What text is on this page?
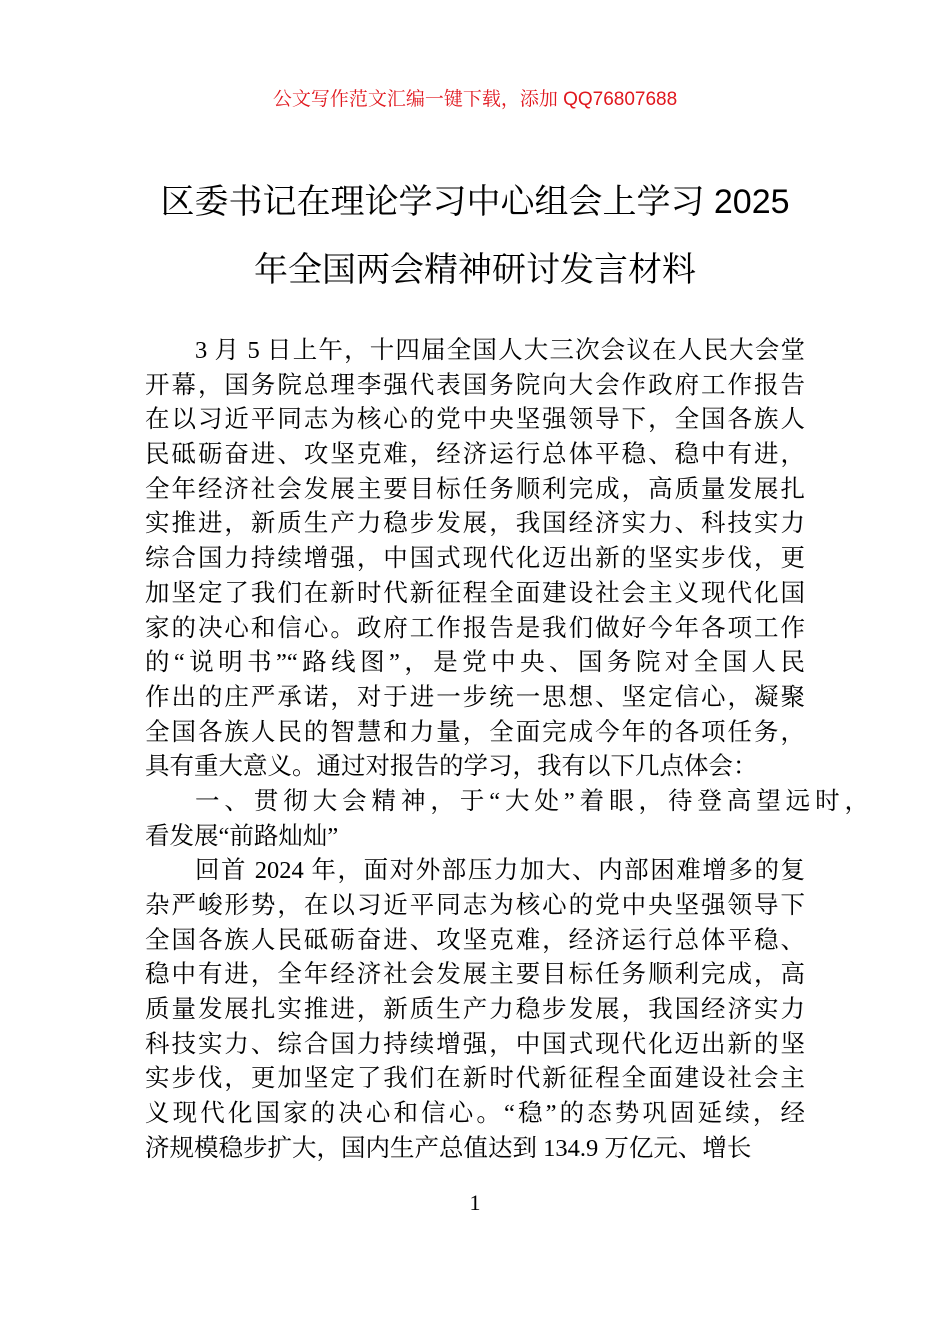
公文写作范文汇编一键下载，添加 QQ76807688
区委书记在理论学习中心组会上学习 2025
年全国两会精神研讨发言材料
3 月 5 日上午，十四届全国人大三次会议在人民大会堂
开幕，国务院总理李强代表国务院向大会作政府工作报告
在以习近平同志为核心的党中央坚强领导下，全国各族人
民砥砺奋进、攻坚克难，经济运行总体平稳、稳中有进，
全年经济社会发展主要目标任务顺利完成，高质量发展扎
实推进，新质生产力稳步发展，我国经济实力、科技实力
综合国力持续增强，中国式现代化迈出新的坚实步伐，更
加坚定了我们在新时代新征程全面建设社会主义现代化国
家的决心和信心。政府工作报告是我们做好今年各项工作
的“说明书”“路线图”，是党中央、国务院对全国人民
作出的庄严承诺，对于进一步统一思想、坚定信心，凝聚
全国各族人民的智慧和力量，全面完成今年的各项任务，
具有重大意义。通过对报告的学习，我有以下几点体会：
一、贯彻大会精神，于“大处”着眼，待登高望远时，
看发展“前路灿灿”
回首 2024 年，面对外部压力加大、内部困难增多的复
杂严峻形势，在以习近平同志为核心的党中央坚强领导下
全国各族人民砥砺奋进、攻坚克难，经济运行总体平稳、
稳中有进，全年经济社会发展主要目标任务顺利完成，高
质量发展扎实推进，新质生产力稳步发展，我国经济实力
科技实力、综合国力持续增强，中国式现代化迈出新的坚
实步伐，更加坚定了我们在新时代新征程全面建设社会主
义现代化国家的决心和信心。“稳”的态势巩固延续，经
济规模稳步扩大，国内生产总值达到 134.9 万亿元、增长
1
